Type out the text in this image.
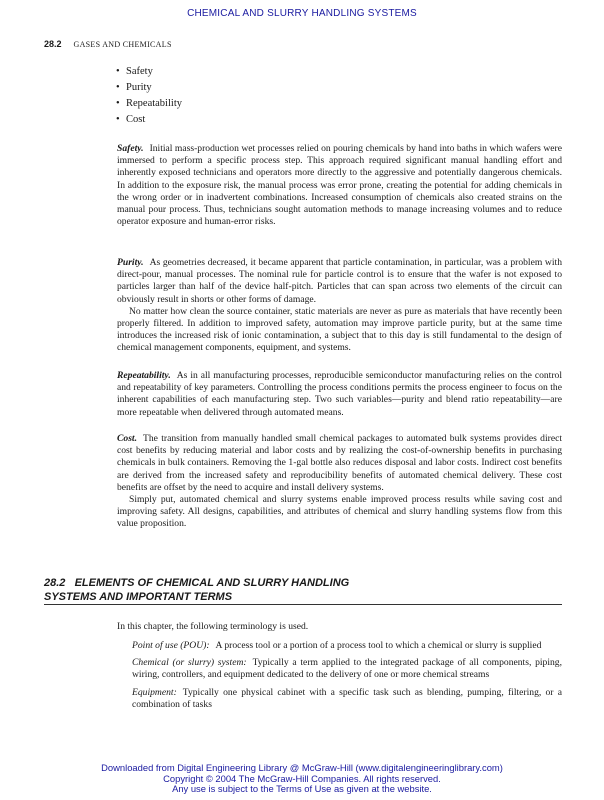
CHEMICAL AND SLURRY HANDLING SYSTEMS
28.2 GASES AND CHEMICALS
• Safety
• Purity
• Repeatability
• Cost

Safety. Initial mass-production wet processes relied on pouring chemicals by hand into baths in which wafers were immersed to perform a specific process step. This approach required significant manual handling effort and inherently exposed technicians and operators more directly to the aggressive and potentially dangerous chemicals. In addition to the exposure risk, the manual process was error prone, creating the potential for adding chemicals in the wrong order or in inadvertent combinations. Increased consumption of chemicals also created strains on the manual pour process. Thus, technicians sought automation methods to manage increasing volumes and to reduce operator exposure and human-error risks.

Purity. As geometries decreased, it became apparent that particle contamination, in particular, was a problem with direct-pour, manual processes. The nominal rule for particle control is to ensure that the wafer is not exposed to particles larger than half of the device half-pitch. Particles that can span across two elements of the circuit can obviously result in shorts or other forms of damage.

No matter how clean the source container, static materials are never as pure as materials that have recently been properly filtered. In addition to improved safety, automation may improve particle purity, but at the same time introduces the increased risk of ionic contamination, a subject that to this day is still fundamental to the design of chemical management components, equipment, and systems.

Repeatability. As in all manufacturing processes, reproducible semiconductor manufacturing relies on the control and repeatability of key parameters. Controlling the process conditions permits the process engineer to focus on the inherent capabilities of each manufacturing step. Two such variables—purity and blend ratio repeatability—are more repeatable when delivered through automated means.

Cost. The transition from manually handled small chemical packages to automated bulk systems provides direct cost benefits by reducing material and labor costs and by realizing the cost-of-ownership benefits in purchasing chemicals in bulk containers. Removing the 1-gal bottle also reduces disposal and labor costs. Indirect cost benefits are derived from the increased safety and reproducibility benefits of automated chemical delivery. These cost benefits are offset by the need to acquire and install delivery systems.

Simply put, automated chemical and slurry systems enable improved process results while saving cost and improving safety. All designs, capabilities, and attributes of chemical and slurry handling systems flow from this value proposition.

28.2 ELEMENTS OF CHEMICAL AND SLURRY HANDLING
SYSTEMS AND IMPORTANT TERMS
In this chapter, the following terminology is used.
Point of use (POU): A process tool or a portion of a process tool to which a chemical or slurry is supplied
Chemical (or slurry) system: Typically a term applied to the integrated package of all components, piping, wiring, controllers, and equipment dedicated to the delivery of one or more chemical streams
Equipment: Typically one physical cabinet with a specific task such as blending, pumping, filtering, or a combination of tasks
Downloaded from Digital Engineering Library @ McGraw-Hill (www.digitalengineeringlibrary.com)
Copyright © 2004 The McGraw-Hill Companies. All rights reserved.
Any use is subject to the Terms of Use as given at the website.
